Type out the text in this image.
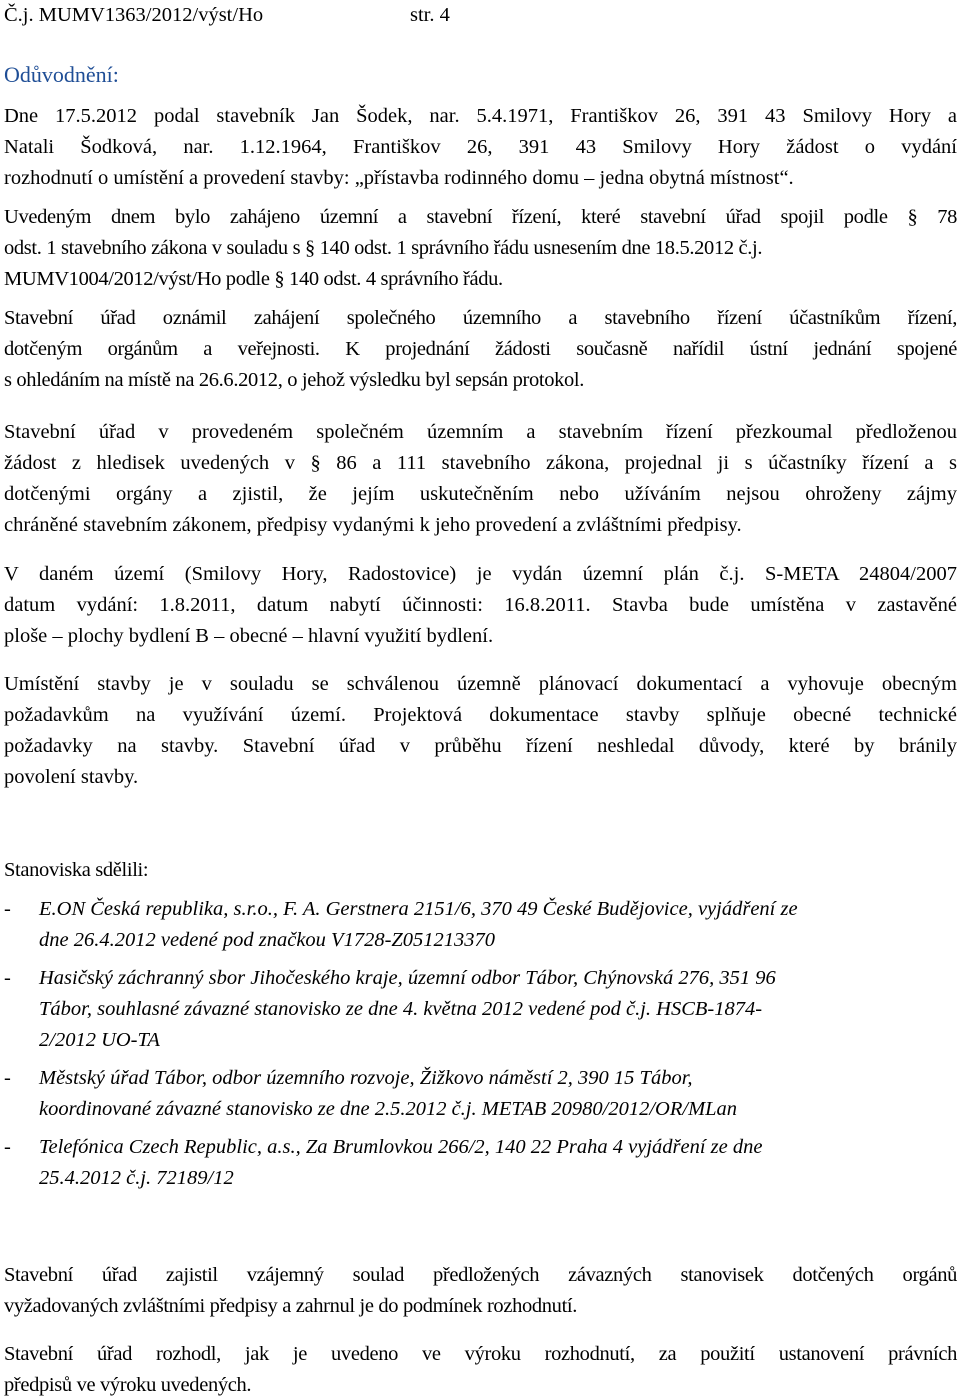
Č.j. MUMV1363/2012/výst/Ho	str. 4
Odůvodnění:
Dne 17.5.2012 podal stavebník Jan Šodek, nar. 5.4.1971, Františkov 26, 391 43 Smilovy Hory a
Natali Šodková, nar. 1.12.1964, Františkov 26, 391 43 Smilovy Hory žádost o vydání
rozhodnutí o umístění a provedení stavby: „přístavba rodinného domu – jedna obytná místnost“.
Uvedeným dnem bylo zahájeno územní a stavební řízení, které stavební úřad spojil podle § 78
odst. 1 stavebního zákona v souladu s § 140 odst. 1 správního řádu usnesením dne 18.5.2012 č.j.
MUMV1004/2012/výst/Ho podle § 140 odst. 4 správního řádu.
Stavební úřad oznámil zahájení společného územního a stavebního řízení účastníkům řízení,
dotčeným orgánům a veřejnosti. K projednání žádosti současně nařídil ústní jednání spojené
s ohledáním na místě na 26.6.2012, o jehož výsledku byl sepsán protokol.
Stavební úřad v provedeném společném územním a stavebním řízení přezkoumal předloženou
žádost z hledisek uvedených v § 86 a 111 stavebního zákona, projednal ji s účastníky řízení a s
dotčenými orgány a zjistil, že jejím uskutečněním nebo užíváním nejsou ohroženy zájmy
chráněné stavebním zákonem, předpisy vydanými k jeho provedení a zvláštními předpisy.
V daném území (Smilovy Hory, Radostovice) je vydán územní plán č.j. S-META 24804/2007
datum vydání: 1.8.2011, datum nabytí účinnosti: 16.8.2011. Stavba bude umístěna v zastavěné
ploše – plochy bydlení B – obecné – hlavní využití bydlení.
Umístění stavby je v souladu se schválenou územně plánovací dokumentací a vyhovuje obecným
požadavkům na využívání území. Projektová dokumentace stavby splňuje obecné technické
požadavky na stavby. Stavební úřad v průběhu řízení neshledal důvody, které by bránily
povolení stavby.
Stanoviska sdělili:
- E.ON Česká republika, s.r.o., F. A. Gerstnera 2151/6, 370 49 České Budějovice, vyjádření ze
dne 26.4.2012 vedené pod značkou V1728-Z051213370
- Hasičský záchranný sbor Jihočeského kraje, územní odbor Tábor, Chýnovská 276, 351 96
Tábor, souhlasné závazné stanovisko ze dne 4. května 2012 vedené pod č.j. HSCB-1874-
2/2012 UO-TA
- Městský úřad Tábor, odbor územního rozvoje, Žižkovo náměstí 2, 390 15 Tábor,
koordinované závazné stanovisko ze dne 2.5.2012 č.j. METAB 20980/2012/OR/MLan
- Telefónica Czech Republic, a.s., Za Brumlovkou 266/2, 140 22 Praha 4 vyjádření ze dne
25.4.2012 č.j. 72189/12
Stavební úřad zajistil vzájemný soulad předložených závazných stanovisek dotčených orgánů
vyžadovaných zvláštními předpisy a zahrnul je do podmínek rozhodnutí.
Stavební úřad rozhodl, jak je uvedeno ve výroku rozhodnutí, za použití ustanovení právních
předpisů ve výroku uvedených.
